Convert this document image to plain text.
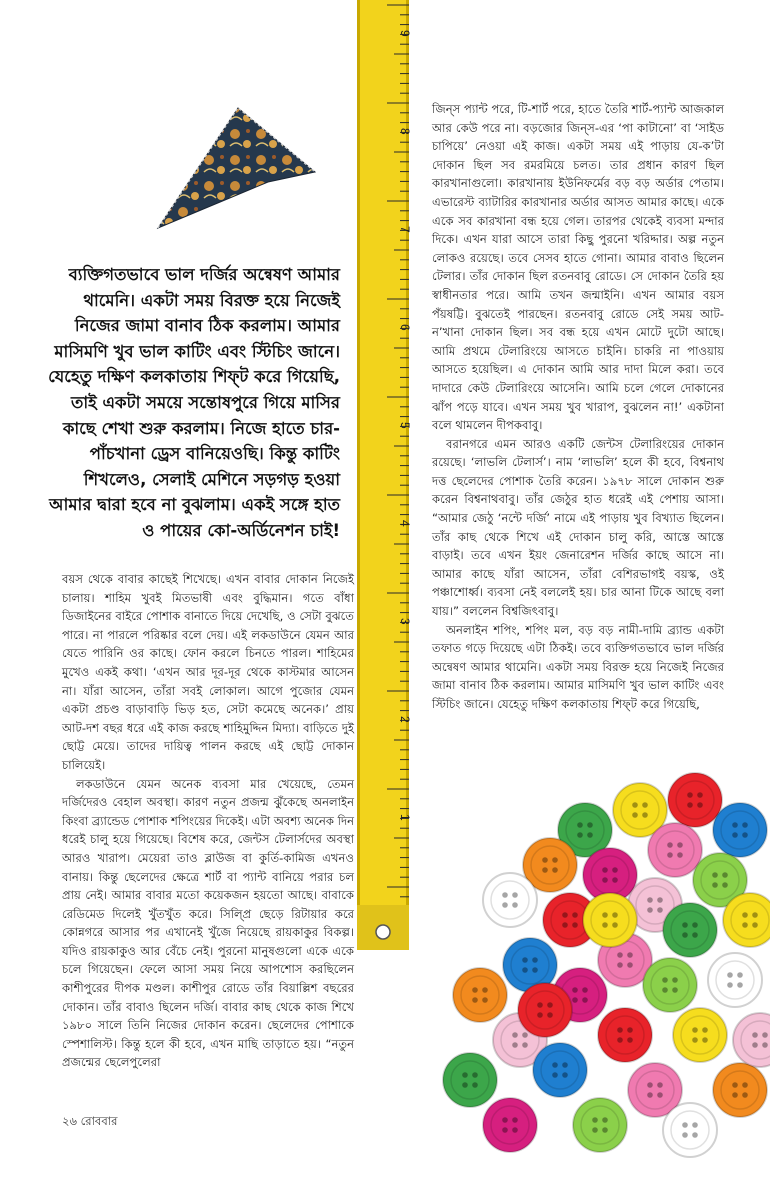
ব্যক্তিগতভাবে ভাল দর্জির অন্বেষণ আমার থামেনি। একটা সময় বিরক্ত হয়ে নিজেই নিজের জামা বানাব ঠিক করলাম। আমার মাসিমণি খুব ভাল কাটিং এবং স্টিচিং জানে। যেহেতু দক্ষিণ কলকাতায় শিফ্‌ট করে গিয়েছি, তাই একটা সময়ে সন্তোষপুরে গিয়ে মাসির কাছে শেখা শুরু করলাম। নিজে হাতে চার-পাঁচখানা ড্রেস বানিয়েওছি। কিন্তু কাটিং শিখলেও, সেলাই মেশিনে সড়গড় হওয়া আমার দ্বারা হবে না বুঝলাম। একই সঙ্গে হাত ও পায়ের কো-অর্ডিনেশন চাই!

বয়স থেকে বাবার কাছেই শিখেছে। এখন বাবার দোকান নিজেই চালায়। শাহিম খুবই মিতভাষী এবং বুদ্ধিমান। গতে বাঁধা ডিজাইনের বাইরে পোশাক বানাতে দিয়ে দেখেছি, ও সেটা বুঝতে পারে। না পারলে পরিষ্কার বলে দেয়। এই লকডাউনে যেমন আর যেতে পারিনি ওর কাছে। ফোন করলে চিনতে পারল। শাহিমের মুখেও একই কথা। ‘এখন আর দূর-দূর থেকে কাস্টমার আসেন না। যাঁরা আসেন, তাঁরা সবই লোকাল। আগে পুজোর যেমন একটা প্রচণ্ড বাড়াবাড়ি ভিড় হত, সেটা কমেছে অনেক।’ প্রায় আট-দশ বছর ধরে এই কাজ করছে শাহিমুদ্দিন মিদ্যা। বাড়িতে দুই ছোট্ট মেয়ে। তাদের দায়িত্ব পালন করছে এই ছোট্ট দোকান চালিয়েই।

লকডাউনে যেমন অনেক ব্যবসা মার খেয়েছে, তেমন দর্জিদেরও বেহাল অবস্থা। কারণ নতুন প্রজন্ম ঝুঁকেছে অনলাইন কিংবা ব্র্যান্ডেড পোশাক শপিংয়ের দিকেই। এটা অবশ্য অনেক দিন ধরেই চালু হয়ে গিয়েছে। বিশেষ করে, জেন্টস টেলার্সদের অবস্থা আরও খারাপ। মেয়েরা তাও ব্লাউজ বা কুর্তি-কামিজ এখনও বানায়। কিন্তু ছেলেদের ক্ষেত্রে শার্ট বা প্যান্ট বানিয়ে পরার চল প্রায় নেই। আমার বাবার মতো কয়েকজন হয়তো আছে। বাবাকে রেডিমেড দিলেই খুঁতখুঁত করে। সিল্প্রি ছেড়ে রিটায়ার করে কোন্নগরে আসার পর এখানেই খুঁজে নিয়েছে রায়কাকুর বিকল্প। যদিও রায়কাকুও আর বেঁচে নেই। পুরনো মানুষগুলো একে একে চলে গিয়েছেন। ফেলে আসা সময় নিয়ে আপশোস করছিলেন কাশীপুরের দীপক মণ্ডল। কাশীপুর রোডে তাঁর বিয়াল্লিশ বছরের দোকান। তাঁর বাবাও ছিলেন দর্জি। বাবার কাছ থেকে কাজ শিখে ১৯৮০ সালে তিনি নিজের দোকান করেন। ছেলেদের পোশাকে স্পেশালিস্ট। কিন্তু হলে কী হবে, এখন মাছি তাড়াতে হয়। “নতুন প্রজন্মের ছেলেপুলেরা

9
8
7
6
5
4
3
2
1

জিন্‌স প্যান্ট পরে, টি-শার্ট পরে, হাতে তৈরি শার্ট-প্যান্ট আজকাল আর কেউ পরে না। বড়জোর জিন্‌স-এর ‘পা কাটানো’ বা ‘সাইড চাপিয়ে’ নেওয়া এই কাজ। একটা সময় এই পাড়ায় যে-ক’টা দোকান ছিল সব রমরমিয়ে চলত। তার প্রধান কারণ ছিল কারখানাগুলো। কারখানায় ইউনিফর্মের বড় বড় অর্ডার পেতাম। এভারেস্ট ব্যাটারির কারখানার অর্ডার আসত আমার কাছে। একে একে সব কারখানা বন্ধ হয়ে গেল। তারপর থেকেই ব্যবসা মন্দার দিকে। এখন যারা আসে তারা কিছু পুরনো খরিদ্দার। অল্প নতুন লোকও রয়েছে। তবে সেসব হাতে গোনা। আমার বাবাও ছিলেন টেলার। তাঁর দোকান ছিল রতনবাবু রোডে। সে দোকান তৈরি হয় স্বাধীনতার পরে। আমি তখন জন্মাইনি। এখন আমার বয়স পঁয়ষট্টি। বুঝতেই পারছেন। রতনবাবু রোডে সেই সময় আট-ন’খানা দোকান ছিল। সব বন্ধ হয়ে এখন মোটে দুটো আছে। আমি প্রথমে টেলারিংয়ে আসতে চাইনি। চাকরি না পাওয়ায় আসতে হয়েছিল। এ দোকান আমি আর দাদা মিলে করা। তবে দাদারে কেউ টেলারিংয়ে আসেনি। আমি চলে গেলে দোকানের ঝাঁপ পড়ে যাবে। এখন সময় খুব খারাপ, বুঝলেন না!’ একটানা বলে থামলেন দীপকবাবু।

বরানগরে এমন আরও একটি জেন্টস টেলারিংয়ের দোকান রয়েছে। ‘লাভলি টেলার্স’। নাম ‘লাভলি’ হলে কী হবে, বিশ্বনাথ দত্ত ছেলেদের পোশাক তৈরি করেন। ১৯৭৮ সালে দোকান শুরু করেন বিশ্বনাথবাবু। তাঁর জেঠুর হাত ধরেই এই পেশায় আসা। “আমার জেঠু ‘নন্টে দর্জি’ নামে এই পাড়ায় খুব বিখ্যাত ছিলেন। তাঁর কাছ থেকে শিখে এই দোকান চালু করি, আস্তে আস্তে বাড়াই। তবে এখন ইয়ং জেনারেশন দর্জির কাছে আসে না। আমার কাছে যাঁরা আসেন, তাঁরা বেশিরভাগই বয়স্ক, ওই পঞ্চাশোর্ধ্ব। ব্যবসা নেই বললেই হয়। চার আনা টিকে আছে বলা যায়।” বললেন বিশ্বজিৎবাবু।

অনলাইন শপিং, শপিং মল, বড় বড় নামী-দামি ব্র্যান্ড একটা তফাত গড়ে দিয়েছে এটা ঠিকই। তবে ব্যক্তিগতভাবে ভাল দর্জির অন্বেষণ আমার থামেনি। একটা সময় বিরক্ত হয়ে নিজেই নিজের জামা বানাব ঠিক করলাম। আমার মাসিমণি খুব ভাল কাটিং এবং স্টিচিং জানে। যেহেতু দক্ষিণ কলকাতায় শিফ্‌ট করে গিয়েছি,

২৬ রোববার
